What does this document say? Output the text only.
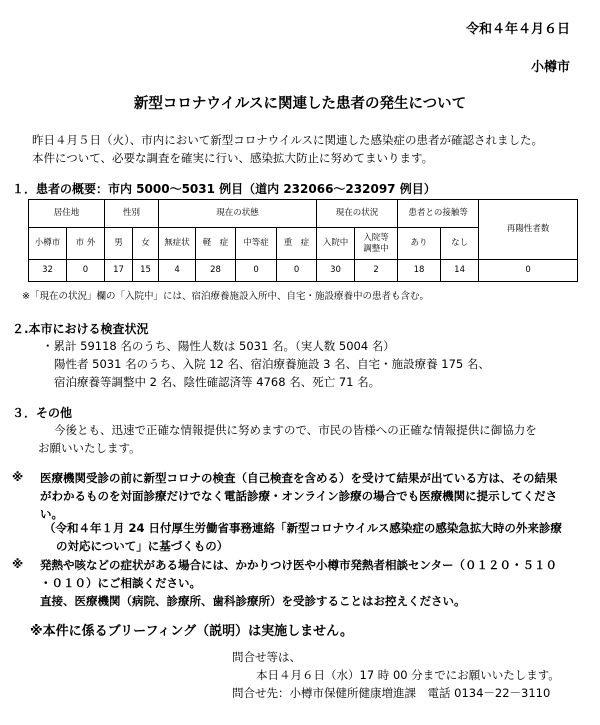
令和４年４月６日
小樽市
新型コロナウイルスに関連した患者の発生について
昨日４月５日（火）、市内において新型コロナウイルスに関連した感染症の患者が確認されました。
本件について、必要な調査を確実に行い、感染拡大防止に努めてまいります。
１．患者の概要：市内 5000～5031 例目（道内 232066～232097 例目）
居住地		性別		現在の状態				現在の状況		患者との接触等		再陽性者数
小樽市	市 外	男	女	無症状	軽　症	中等症	重　症	入院中	入院等
調整中	あり	なし	
32	0	17	15	4	28	0	0	30	2	18	14	0
※「現在の状況」欄の「入院中」には、宿泊療養施設入所中、自宅・施設療養中の患者も含む。
２.本市における検査状況
・累計 59118 名のうち、陽性人数は 5031 名。（実人数 5004 名）
陽性者 5031 名のうち、入院 12 名、宿泊療養施設 3 名、自宅・施設療養 175 名、
宿泊療養等調整中 2 名、陰性確認済等 4768 名、死亡 71 名。
３．その他
今後とも、迅速で正確な情報提供に努めますので、市民の皆様への正確な情報提供に御協力を
お願いいたします。
※ 医療機関受診の前に新型コロナの検査（自己検査を含める）を受けて結果が出ている方は、その結果
がわかるものを対面診療だけでなく電話診療・オンライン診療の場合でも医療機関に提示してくださ
い。
（令和４年１月 24 日付厚生労働省事務連絡「新型コロナウイルス感染症の感染急拡大時の外来診療
の対応について」に基づくもの）
※ 発熱や咳などの症状がある場合には、かかりつけ医や小樽市発熱者相談センター（０１２０・５１０
・０１０）にご相談ください。
直接、医療機関（病院、診療所、歯科診療所）を受診することはお控えください。
※本件に係るブリーフィング（説明）は実施しません。
問合せ等は、
本日４月６日（水）17 時 00 分までにお願いいたします。
問合せ先：小樽市保健所健康増進課　電話 0134－22－3110
